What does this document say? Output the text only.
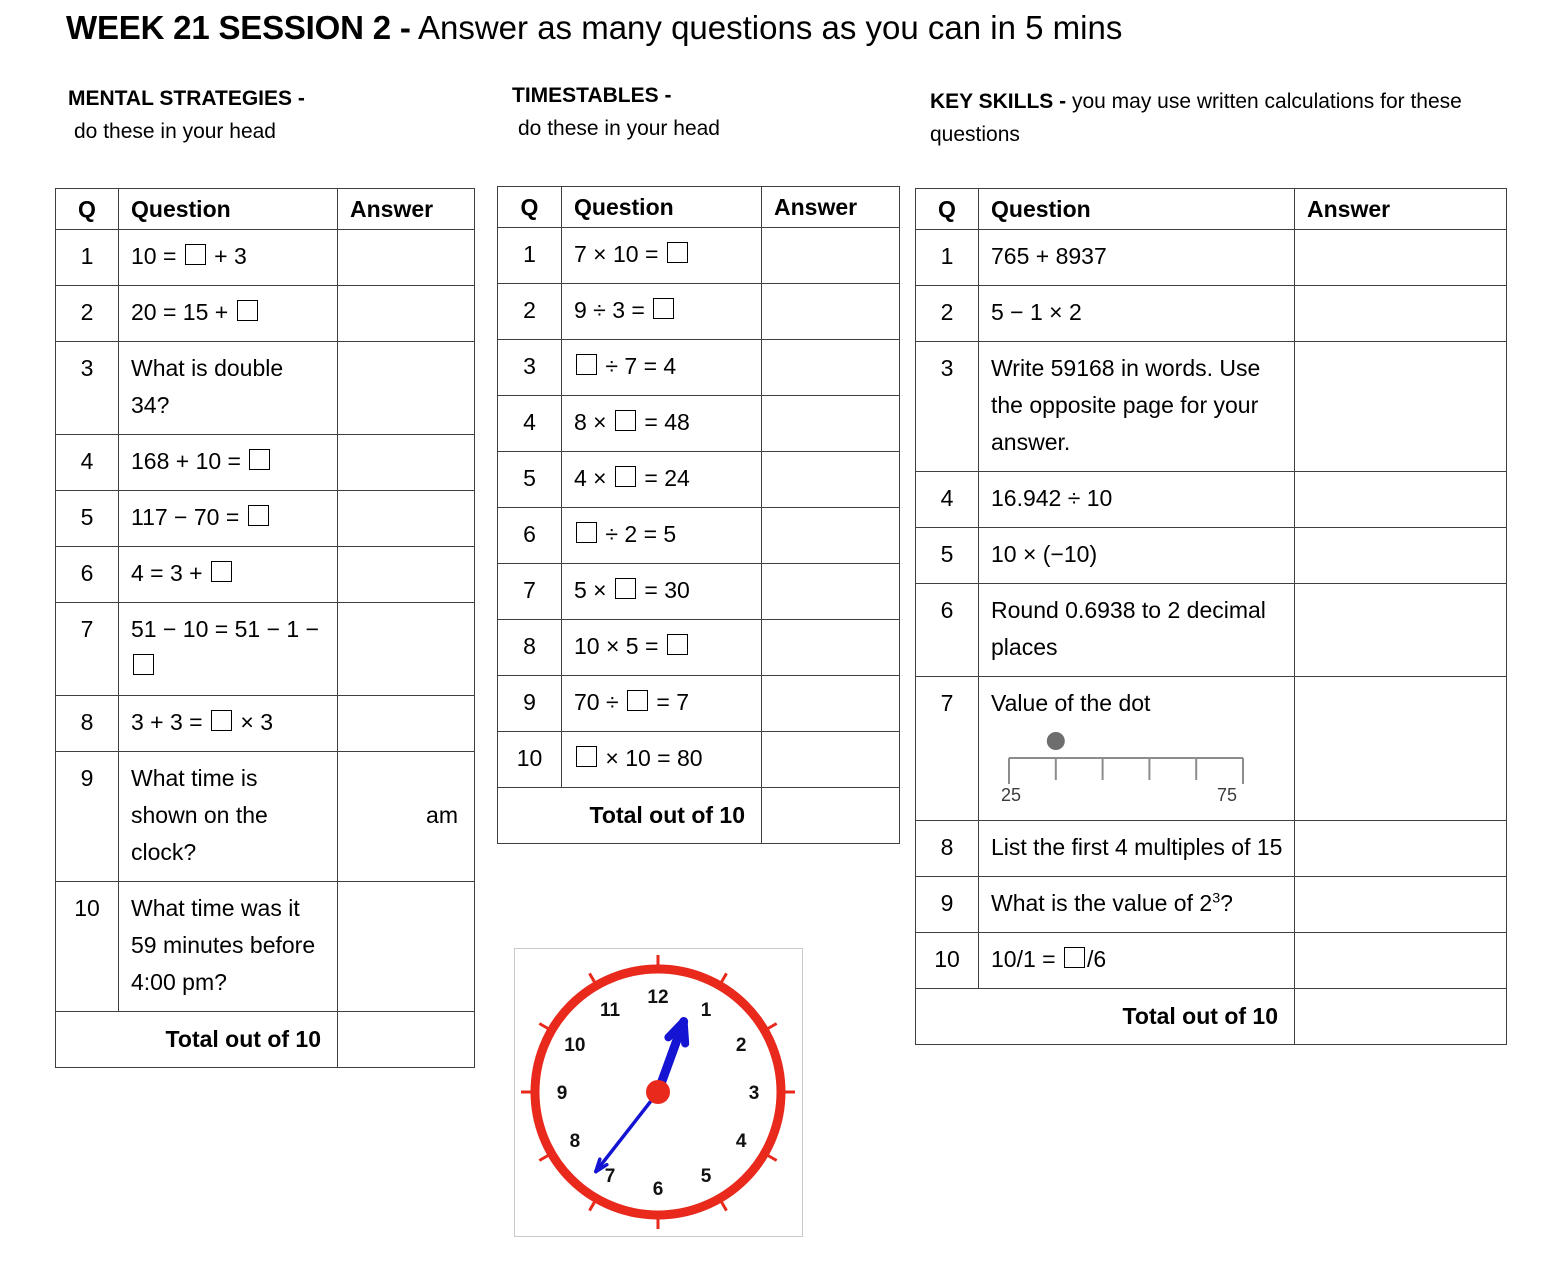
WEEK 21 SESSION 2 - Answer as many questions as you can in 5 mins
MENTAL STRATEGIES -
do these in your head
TIMESTABLES -
do these in your head
KEY SKILLS - you may use written calculations for these questions
Q	Question	Answer
1	10 =  + 3	
2	20 = 15 +	
3	What is double 34?	
4	168 + 10 =	
5	117 − 70 =	
6	4 = 3 +	
7	51 − 10 = 51 − 1 −	
8	3 + 3 =  × 3	
9	What time is shown on the clock?	am
10	What time was it 59 minutes before 4:00 pm?	
Total out of 10		
Q	Question	Answer
1	7 × 10 =	
2	9 ÷ 3 =	
3	÷ 7 = 4	
4	8 ×  = 48	
5	4 ×  = 24	
6	÷ 2 = 5	
7	5 ×  = 30	
8	10 × 5 =	
9	70 ÷  = 7	
10	× 10 = 80	
Total out of 10		
Q	Question	Answer
1	765 + 8937	
2	5 − 1 × 2	
3	Write 59168 in words. Use the opposite page for your answer.	
4	16.942 ÷ 10	
5	10 × (−10)	
6	Round 0.6938 to 2 decimal places	
7	Value of the dot
25 75	

8	List the first 4 multiples of 15	
9	What is the value of $2^3$?	
10	10/1 = /6	
Total out of 10		
12
1
2
3
4
5
6
7
8
9
10
11
